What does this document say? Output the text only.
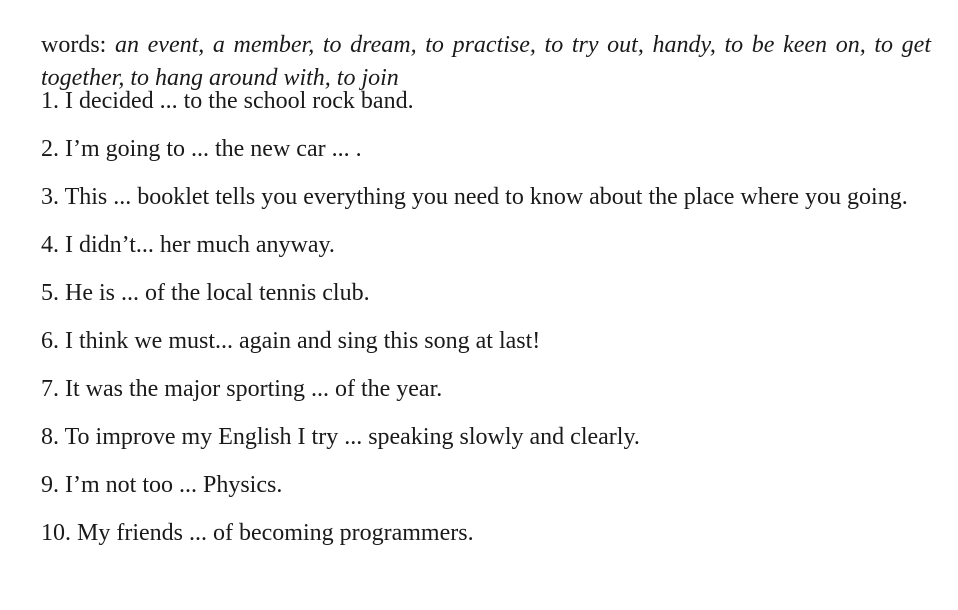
words: an event, a member, to dream, to practise, to try out, handy, to be keen on, to get together, to hang around with, to join

1. I decided ... to the school rock band.
2. I’m going to ... the new car ... .
3. This ... booklet tells you everything you need to know about the place where you going.
4. I didn’t... her much anyway.
5. He is ... of the local tennis club.
6. I think we must... again and sing this song at last!
7. It was the major sporting ... of the year.
8. To improve my English I try ... speaking slowly and clearly.
9. I’m not too ... Physics.
10. My friends ... of becoming programmers.
